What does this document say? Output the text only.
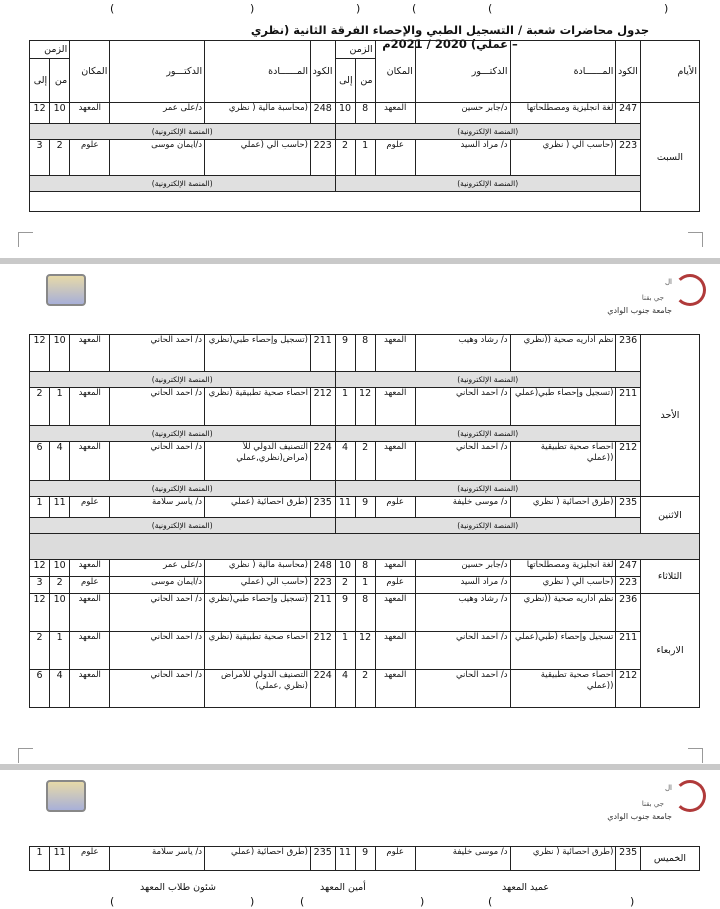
(	)	)	(	(	)
جدول محاضرات شعبة / التسجيل الطبي والإحصاء الفرقة الثانية (نظري – عملي) 2020 / 2021م
الأيام	الكود	المــــــادة	الدكتـــور	المكان	الزمن		الكود	المــــــادة	الدكتـــور	المكان	الزمن	
					من	إلى					من	إلى
السبت	247	لغة انجليزية ومصطلحاتها	د/جابر حسين	المعهد	8	10	248	(محاسبة مالية ( نظري	د/على عمر	المعهد	10	12
	(المنصة الإلكترونية)						(المنصة الإلكترونية)					
	223	(حاسب آلي ( نظري	د/ مراد السيد	علوم	1	2	223	(حاسب آلي (عملي	د/ايمان موسى	علوم	2	3
	(المنصة الإلكترونية)						(المنصة الإلكترونية)					

ال
جي بقنا
جامعة جنوب الوادي
الأحد	236	نظم أداريه صحية ((نظري	د/ رشاد وهيب	المعهد	8	9	211	(تسجيل وإحصاء طبي(نظري	د/ احمد الحاني	المعهد	10	12
	(المنصة الإلكترونية)						(المنصة الإلكترونية)					
	211	(تسجيل وإحصاء طبي(عملي	د/ احمد الحاني	المعهد	12	1	212	احصاء صحية تطبيقية (نظري	د/ احمد الحاني	المعهد	1	2
	(المنصة الإلكترونية)						(المنصة الإلكترونية)					
	212	احصاء صحية تطبيقية ((عملي	د/ احمد الحاني	المعهد	2	4	224	التصنيف الدولي للأ (مراض(نظري,عملي	د/ احمد الحاني	المعهد	4	6
	(المنصة الإلكترونية)						(المنصة الإلكترونية)					
الاثنين	235	(طرق احصائية ( نظري	د/ موسى خليفة	علوم	9	11	235	(طرق احصائية (عملي	د/ ياسر سلامة	علوم	11	1
	(المنصة الإلكترونية)						(المنصة الإلكترونية)					

الثلاثاء	247	لغة انجليزية ومصطلحاتها	د/جابر حسين	المعهد	8	10	248	(محاسبة مالية ( نظري	د/على عمر	المعهد	10	12
	223	(حاسب آلي ( نظري	د/ مراد السيد	علوم	1	2	223	(حاسب آلي (عملي	د/ايمان موسى	علوم	2	3
الاربعاء	236	نظم أداريه صحية ((نظري	د/ رشاد وهيب	المعهد	8	9	211	(تسجيل وإحصاء طبي(نظري	د/ احمد الحاني	المعهد	10	12
	211	تسجيل وإحصاء (طبي(عملي	د/ احمد الحاني	المعهد	12	1	212	احصاء صحية تطبيقية (نظري	د/ احمد الحاني	المعهد	1	2
	212	احصاء صحية تطبيقية ((عملي	د/ احمد الحاني	المعهد	2	4	224	التصنيف الدولي للأمراض (نظري ,عملي)	د/ احمد الحاني	المعهد	4	6
ال
جي بقنا
جامعة جنوب الوادي
الخميس	235	(طرق احصائية ( نظري	د/ موسى خليفة	علوم	9	11	235	(طرق احصائية (عملي	د/ ياسر سلامة	علوم	11	1
عميد المعهد
أمين المعهد
شئون طلاب المعهد
(	)	(	)	(	)
